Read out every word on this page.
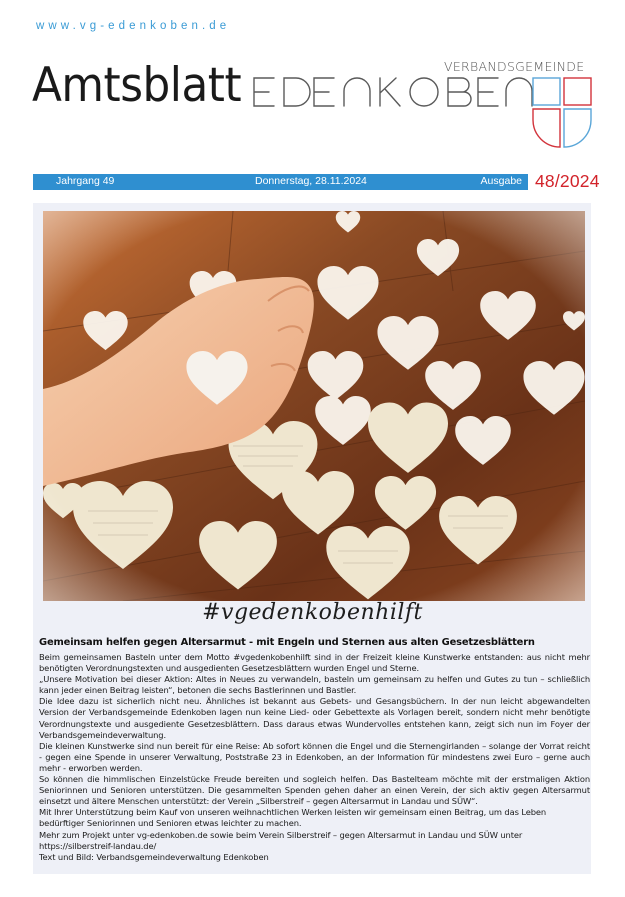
www.vg-edenkoben.de
Amtsblatt	VERBANDSGEMEINDE
Jahrgang 49	Donnerstag, 28.11.2024	Ausgabe 48/2024
#vgedenkobenhilft
Gemeinsam helfen gegen Altersarmut - mit Engeln und Sternen aus alten Gesetzesblättern

Beim gemeinsamen Basteln unter dem Motto #vgedenkobenhilft sind in der Freizeit kleine Kunstwerke entstanden: aus nicht mehr benötigten Verordnungstexten und ausgedienten Gesetzesblättern wurden Engel und Sterne.

„Unsere Motivation bei dieser Aktion: Altes in Neues zu verwandeln, basteln um gemeinsam zu helfen und Gutes zu tun – schließlich kann jeder einen Beitrag leisten“, betonen die sechs Bastlerinnen und Bastler.

Die Idee dazu ist sicherlich nicht neu. Ähnliches ist bekannt aus Gebets- und Gesangsbüchern. In der nun leicht abgewandelten Version der Verbandsgemeinde Edenkoben lagen nun keine Lied- oder Gebettexte als Vorlagen bereit, sondern nicht mehr benötigte Verordnungstexte und ausgediente Gesetzesblättern. Dass daraus etwas Wundervolles entstehen kann, zeigt sich nun im Foyer der Verbandsgemeindeverwaltung.

Die kleinen Kunstwerke sind nun bereit für eine Reise: Ab sofort können die Engel und die Sternengirlanden – solange der Vorrat reicht - gegen eine Spende in unserer Verwaltung, Poststraße 23 in Edenkoben, an der Information für mindestens zwei Euro – gerne auch mehr - erworben werden.

So können die himmlischen Einzelstücke Freude bereiten und sogleich helfen. Das Bastelteam möchte mit der erstmaligen Aktion Seniorinnen und Senioren unterstützen. Die gesammelten Spenden gehen daher an einen Verein, der sich aktiv gegen Altersarmut einsetzt und ältere Menschen unterstützt: der Verein „Silberstreif – gegen Altersarmut in Landau und SÜW“.

Mit Ihrer Unterstützung beim Kauf von unseren weihnachtlichen Werken leisten wir gemeinsam einen Beitrag, um das Leben bedürftiger Seniorinnen und Senioren etwas leichter zu machen.

Mehr zum Projekt unter vg-edenkoben.de sowie beim Verein Silberstreif – gegen Altersarmut in Landau und SÜW unter https://silberstreif-landau.de/

Text und Bild: Verbandsgemeindeverwaltung Edenkoben
